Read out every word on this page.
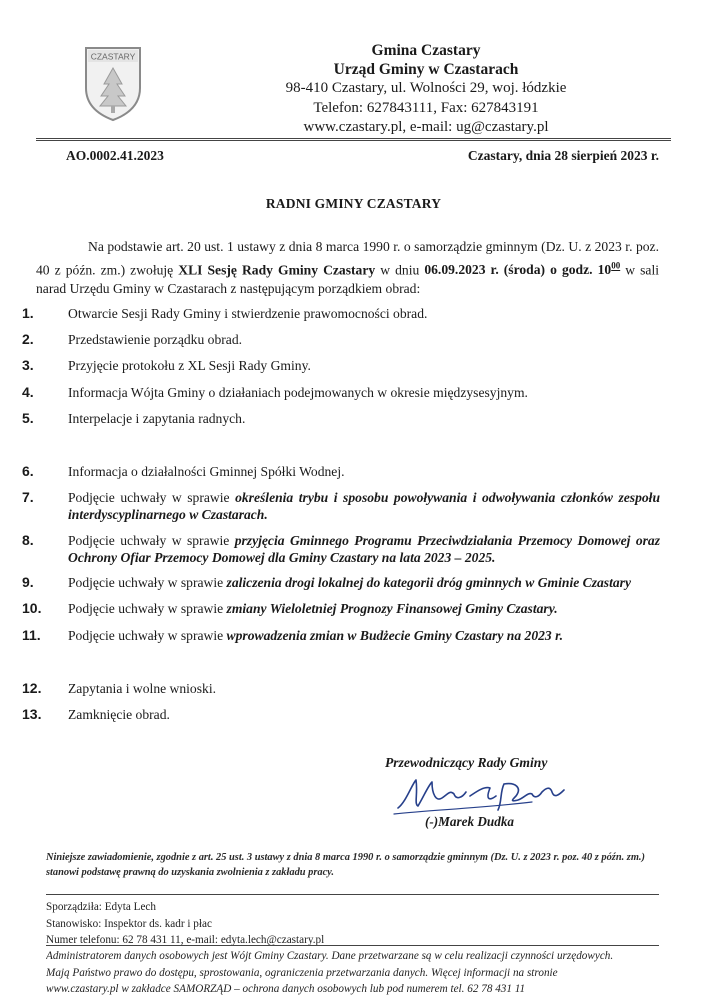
CZASTARY	Gmina Czastary
Urząd Gminy w Czastarach
98-410 Czastary, ul. Wolności 29, woj. łódzkie
Telefon: 627843111, Fax: 627843191
www.czastary.pl, e-mail: ug@czastary.pl
AO.0002.41.2023	Czastary, dnia 28 sierpień 2023 r.
RADNI GMINY CZASTARY
Na podstawie art. 20 ust. 1 ustawy z dnia 8 marca 1990 r. o samorządzie gminnym (Dz. U. z 2023 r. poz. 40 z późn. zm.) zwołuję XLI Sesję Rady Gminy Czastary w dniu 06.09.2023 r. (środa) o godz. $10^{00}$ w sali narad Urzędu Gminy w Czastarach z następującym porządkiem obrad:
1.	Otwarcie Sesji Rady Gminy i stwierdzenie prawomocności obrad.
2.	Przedstawienie porządku obrad.
3.	Przyjęcie protokołu z XL Sesji Rady Gminy.
4.	Informacja Wójta Gminy o działaniach podejmowanych w okresie międzysesyjnym.
5.	Interpelacje i zapytania radnych.
6.	Informacja o działalności Gminnej Spółki Wodnej.
7.	Podjęcie uchwały w sprawie określenia trybu i sposobu powoływania i odwoływania członków zespołu interdyscyplinarnego w Czastarach.
8.	Podjęcie uchwały w sprawie przyjęcia Gminnego Programu Przeciwdziałania Przemocy Domowej oraz Ochrony Ofiar Przemocy Domowej dla Gminy Czastary na lata 2023 – 2025.
9.	Podjęcie uchwały w sprawie zaliczenia drogi lokalnej do kategorii dróg gminnych w Gminie Czastary
10.	Podjęcie uchwały w sprawie zmiany Wieloletniej Prognozy Finansowej Gminy Czastary.
11.	Podjęcie uchwały w sprawie wprowadzenia zmian w Budżecie Gminy Czastary na 2023 r.
12.	Zapytania i wolne wnioski.
13.	Zamknięcie obrad.
Przewodniczący Rady Gminy
(-)Marek Dudka
Niniejsze zawiadomienie, zgodnie z art. 25 ust. 3 ustawy z dnia 8 marca 1990 r. o samorządzie gminnym (Dz. U. z 2023 r. poz. 40 z późn. zm.) stanowi podstawę prawną do uzyskania zwolnienia z zakładu pracy.
Sporządziła: Edyta Lech
Stanowisko: Inspektor ds. kadr i płac
Numer telefonu: 62 78 431 11, e-mail: edyta.lech@czastary.pl
Administratorem danych osobowych jest Wójt Gminy Czastary. Dane przetwarzane są w celu realizacji czynności urzędowych.
Mają Państwo prawo do dostępu, sprostowania, ograniczenia przetwarzania danych. Więcej informacji na stronie
www.czastary.pl w zakładce SAMORZĄD – ochrona danych osobowych lub pod numerem tel. 62 78 431 11
